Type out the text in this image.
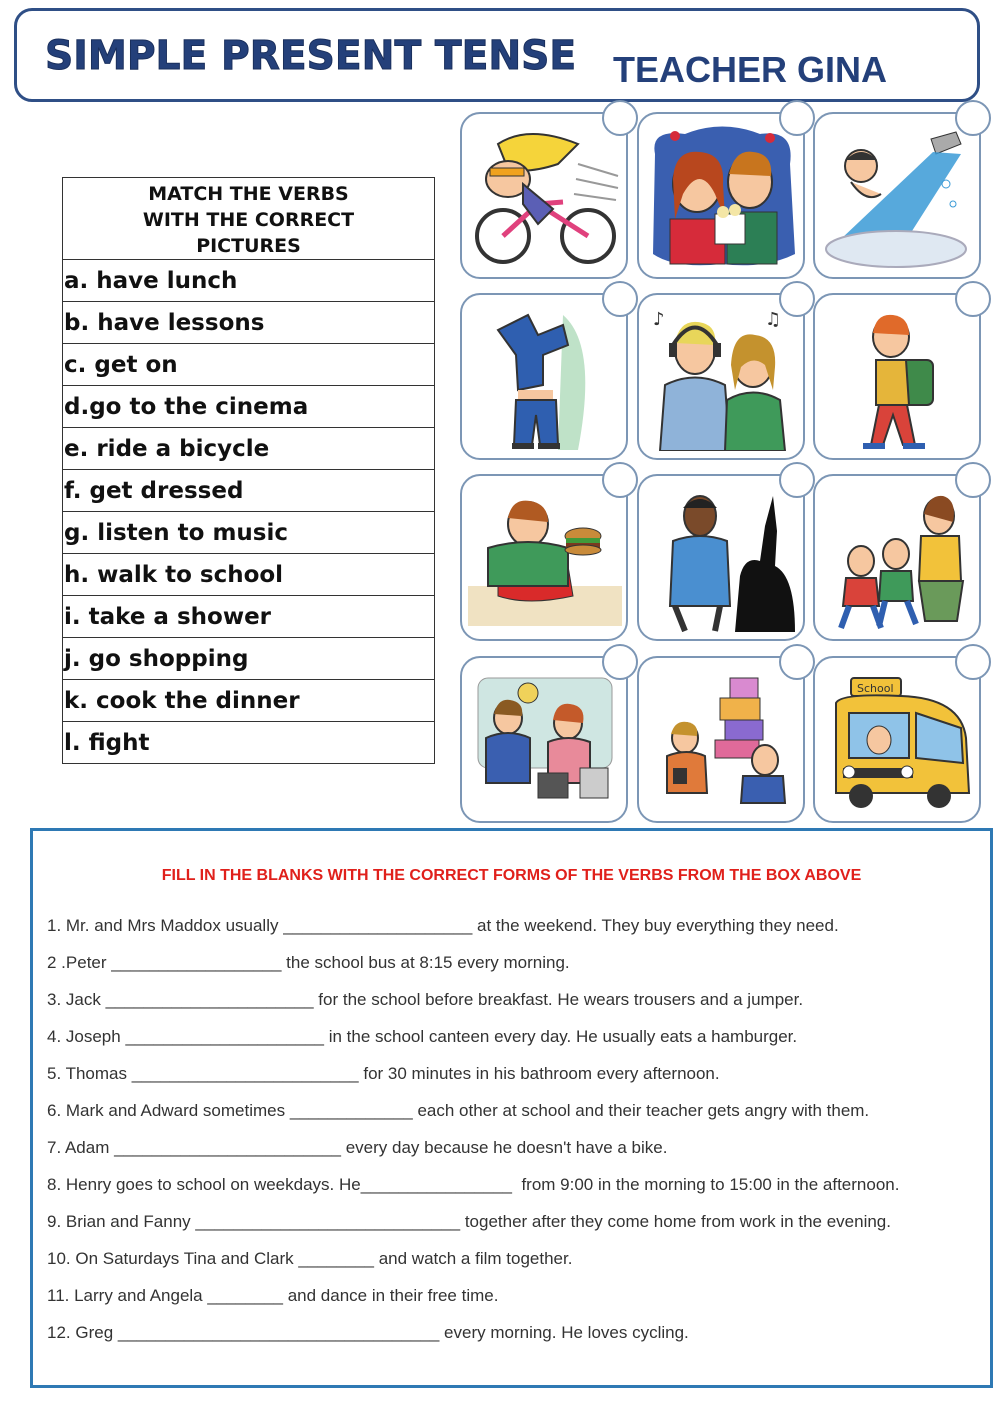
SIMPLE PRESENT TENSE TEACHER GINA
MATCH THE VERBS
WITH THE CORRECT
PICTURES

a. have lunch
b. have lessons
c. get on
d.go to the cinema
e. ride a bicycle
f. get dressed
g. listen to music
h. walk to school
i. take a shower
j. go shopping
k. cook the dinner
l. fight
♪	♫
School
FILL IN THE BLANKS WITH THE CORRECT FORMS OF THE VERBS FROM THE BOX ABOVE
1. Mr. and Mrs Maddox usually ____________________ at the weekend. They buy everything they need.
2 .Peter __________________ the school bus at 8:15 every morning.
3. Jack ______________________ for the school before breakfast. He wears trousers and a jumper.
4. Joseph _____________________ in the school canteen every day. He usually eats a hamburger.
5. Thomas ________________________ for 30 minutes in his bathroom every afternoon.
6. Mark and Adward sometimes _____________ each other at school and their teacher gets angry with them.
7. Adam ________________________ every day because he doesn't have a bike.
8. Henry goes to school on weekdays. He________________  from 9:00 in the morning to 15:00 in the afternoon.
9. Brian and Fanny ____________________________ together after they come home from work in the evening.
10. On Saturdays Tina and Clark ________ and watch a film together.
11. Larry and Angela ________ and dance in their free time.
12. Greg __________________________________ every morning. He loves cycling.
